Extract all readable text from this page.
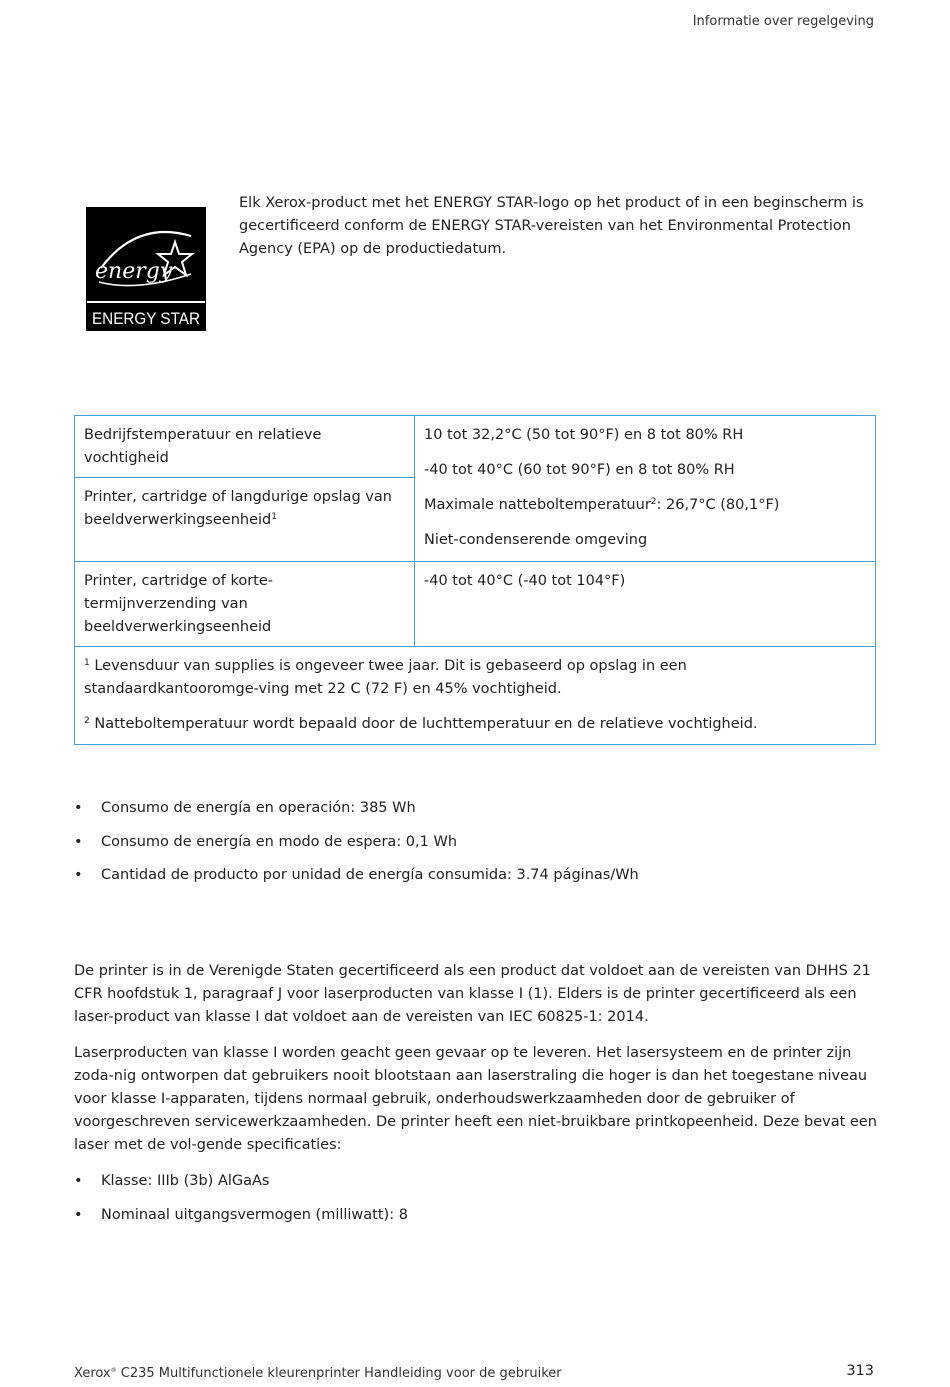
Informatie over regelgeving
energy
ENERGY STAR
Elk Xerox-product met het ENERGY STAR-logo op het product of in een beginscherm is gecertificeerd conform de ENERGY STAR-vereisten van het Environmental Protection Agency (EPA) op de productiedatum.
Bedrijfstemperatuur en relatieve vochtigheid
Printer, cartridge of langdurige opslag van beeldverwerkingseenheid$^1$

10 tot 32,2°C (50 tot 90°F) en 8 tot 80% RH

-40 tot 40°C (60 tot 90°F) en 8 tot 80% RH

Maximale natteboltemperatuur$^2$: 26,7°C (80,1°F)

Niet-condenserende omgeving

Printer, cartridge of korte-termijnverzending van beeldverwerkingseenheid
-40 tot 40°C (-40 tot 104°F)

$^1$ Levensduur van supplies is ongeveer twee jaar. Dit is gebaseerd op opslag in een standaardkantooromge-ving met 22 C (72 F) en 45% vochtigheid.

$^2$ Natteboltemperatuur wordt bepaald door de luchttemperatuur en de relatieve vochtigheid.

• Consumo de energía en operación: 385 Wh
• Consumo de energía en modo de espera: 0,1 Wh
• Cantidad de producto por unidad de energía consumida: 3.74 páginas/Wh

De printer is in de Verenigde Staten gecertificeerd als een product dat voldoet aan de vereisten van DHHS 21 CFR hoofdstuk 1, paragraaf J voor laserproducten van klasse I (1). Elders is de printer gecertificeerd als een laser-product van klasse I dat voldoet aan de vereisten van IEC 60825-1: 2014.

Laserproducten van klasse I worden geacht geen gevaar op te leveren. Het lasersysteem en de printer zijn zoda-nig ontworpen dat gebruikers nooit blootstaan aan laserstraling die hoger is dan het toegestane niveau voor klasse I-apparaten, tijdens normaal gebruik, onderhoudswerkzaamheden door de gebruiker of voorgeschreven servicewerkzaamheden. De printer heeft een niet-bruikbare printkopeenheid. Deze bevat een laser met de vol-gende specificaties:

• Klasse: IIIb (3b) AlGaAs
• Nominaal uitgangsvermogen (milliwatt): 8
Xerox® C235 Multifunctionele kleurenprinter Handleiding voor de gebruiker	313
